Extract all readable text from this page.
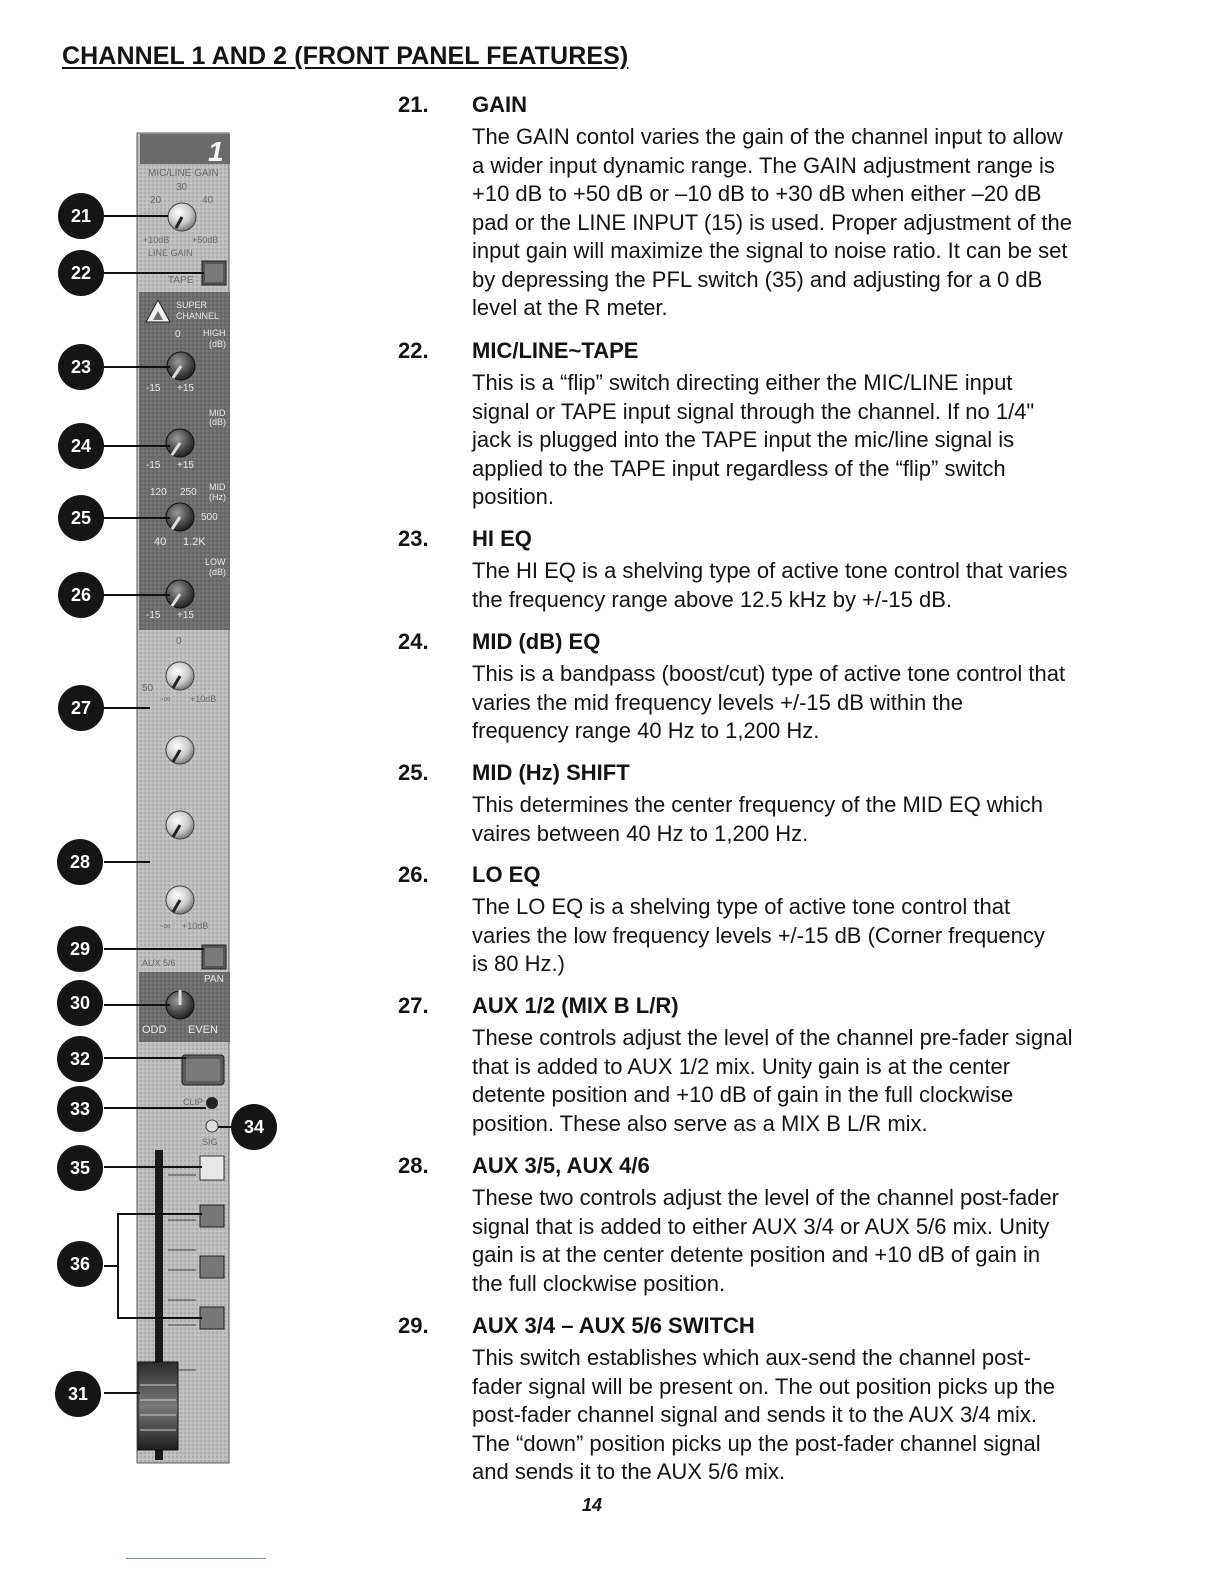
CHANNEL 1 AND 2 (FRONT PANEL FEATURES)
1
MIC/LINE GAIN
30
20	40
+10dB	+50dB
LINE GAIN
TAPE
SUPER
CHANNEL
HIGH
(dB)
0
-15 +15
MID
(dB)
-15 +15
120 250 MID
(Hz)
500
40 1.2K
LOW
(dB)
-15 +15
0
50
-∞ +10dB
-∞ +10dB
AUX 5/6
PAN
ODD EVEN
CLIP
SIG
21
22
23
24
25
26
27
28
29
30
32
33
34
35
36
31
21. GAIN
The GAIN contol varies the gain of the channel input to allow
a wider input dynamic range. The GAIN adjustment range is
+10 dB to +50 dB or –10 dB to +30 dB when either –20 dB
pad or the LINE INPUT (15) is used. Proper adjustment of the
input gain will maximize the signal to noise ratio. It can be set
by depressing the PFL switch (35) and adjusting for a 0 dB
level at the R meter.
22. MIC/LINE~TAPE
This is a “flip” switch directing either the MIC/LINE input
signal or TAPE input signal through the channel. If no 1/4"
jack is plugged into the TAPE input the mic/line signal is
applied to the TAPE input regardless of the “flip” switch
position.
23. HI EQ
The HI EQ is a shelving type of active tone control that varies
the frequency range above 12.5 kHz by +/-15 dB.
24. MID (dB) EQ
This is a bandpass (boost/cut) type of active tone control that
varies the mid frequency levels +/-15 dB within the
frequency range 40 Hz to 1,200 Hz.
25. MID (Hz) SHIFT
This determines the center frequency of the MID EQ which
vaires between 40 Hz to 1,200 Hz.
26. LO EQ
The LO EQ is a shelving type of active tone control that
varies the low frequency levels +/-15 dB (Corner frequency
is 80 Hz.)
27. AUX 1/2 (MIX B L/R)
These controls adjust the level of the channel pre-fader signal
that is added to AUX 1/2 mix. Unity gain is at the center
detente position and +10 dB of gain in the full clockwise
position. These also serve as a MIX B L/R mix.
28. AUX 3/5, AUX 4/6
These two controls adjust the level of the channel post-fader
signal that is added to either AUX 3/4 or AUX 5/6 mix. Unity
gain is at the center detente position and +10 dB of gain in
the full clockwise position.
29. AUX 3/4 – AUX 5/6 SWITCH
This switch establishes which aux-send the channel post-
fader signal will be present on. The out position picks up the
post-fader channel signal and sends it to the AUX 3/4 mix.
The “down” position picks up the post-fader channel signal
and sends it to the AUX 5/6 mix.
14
